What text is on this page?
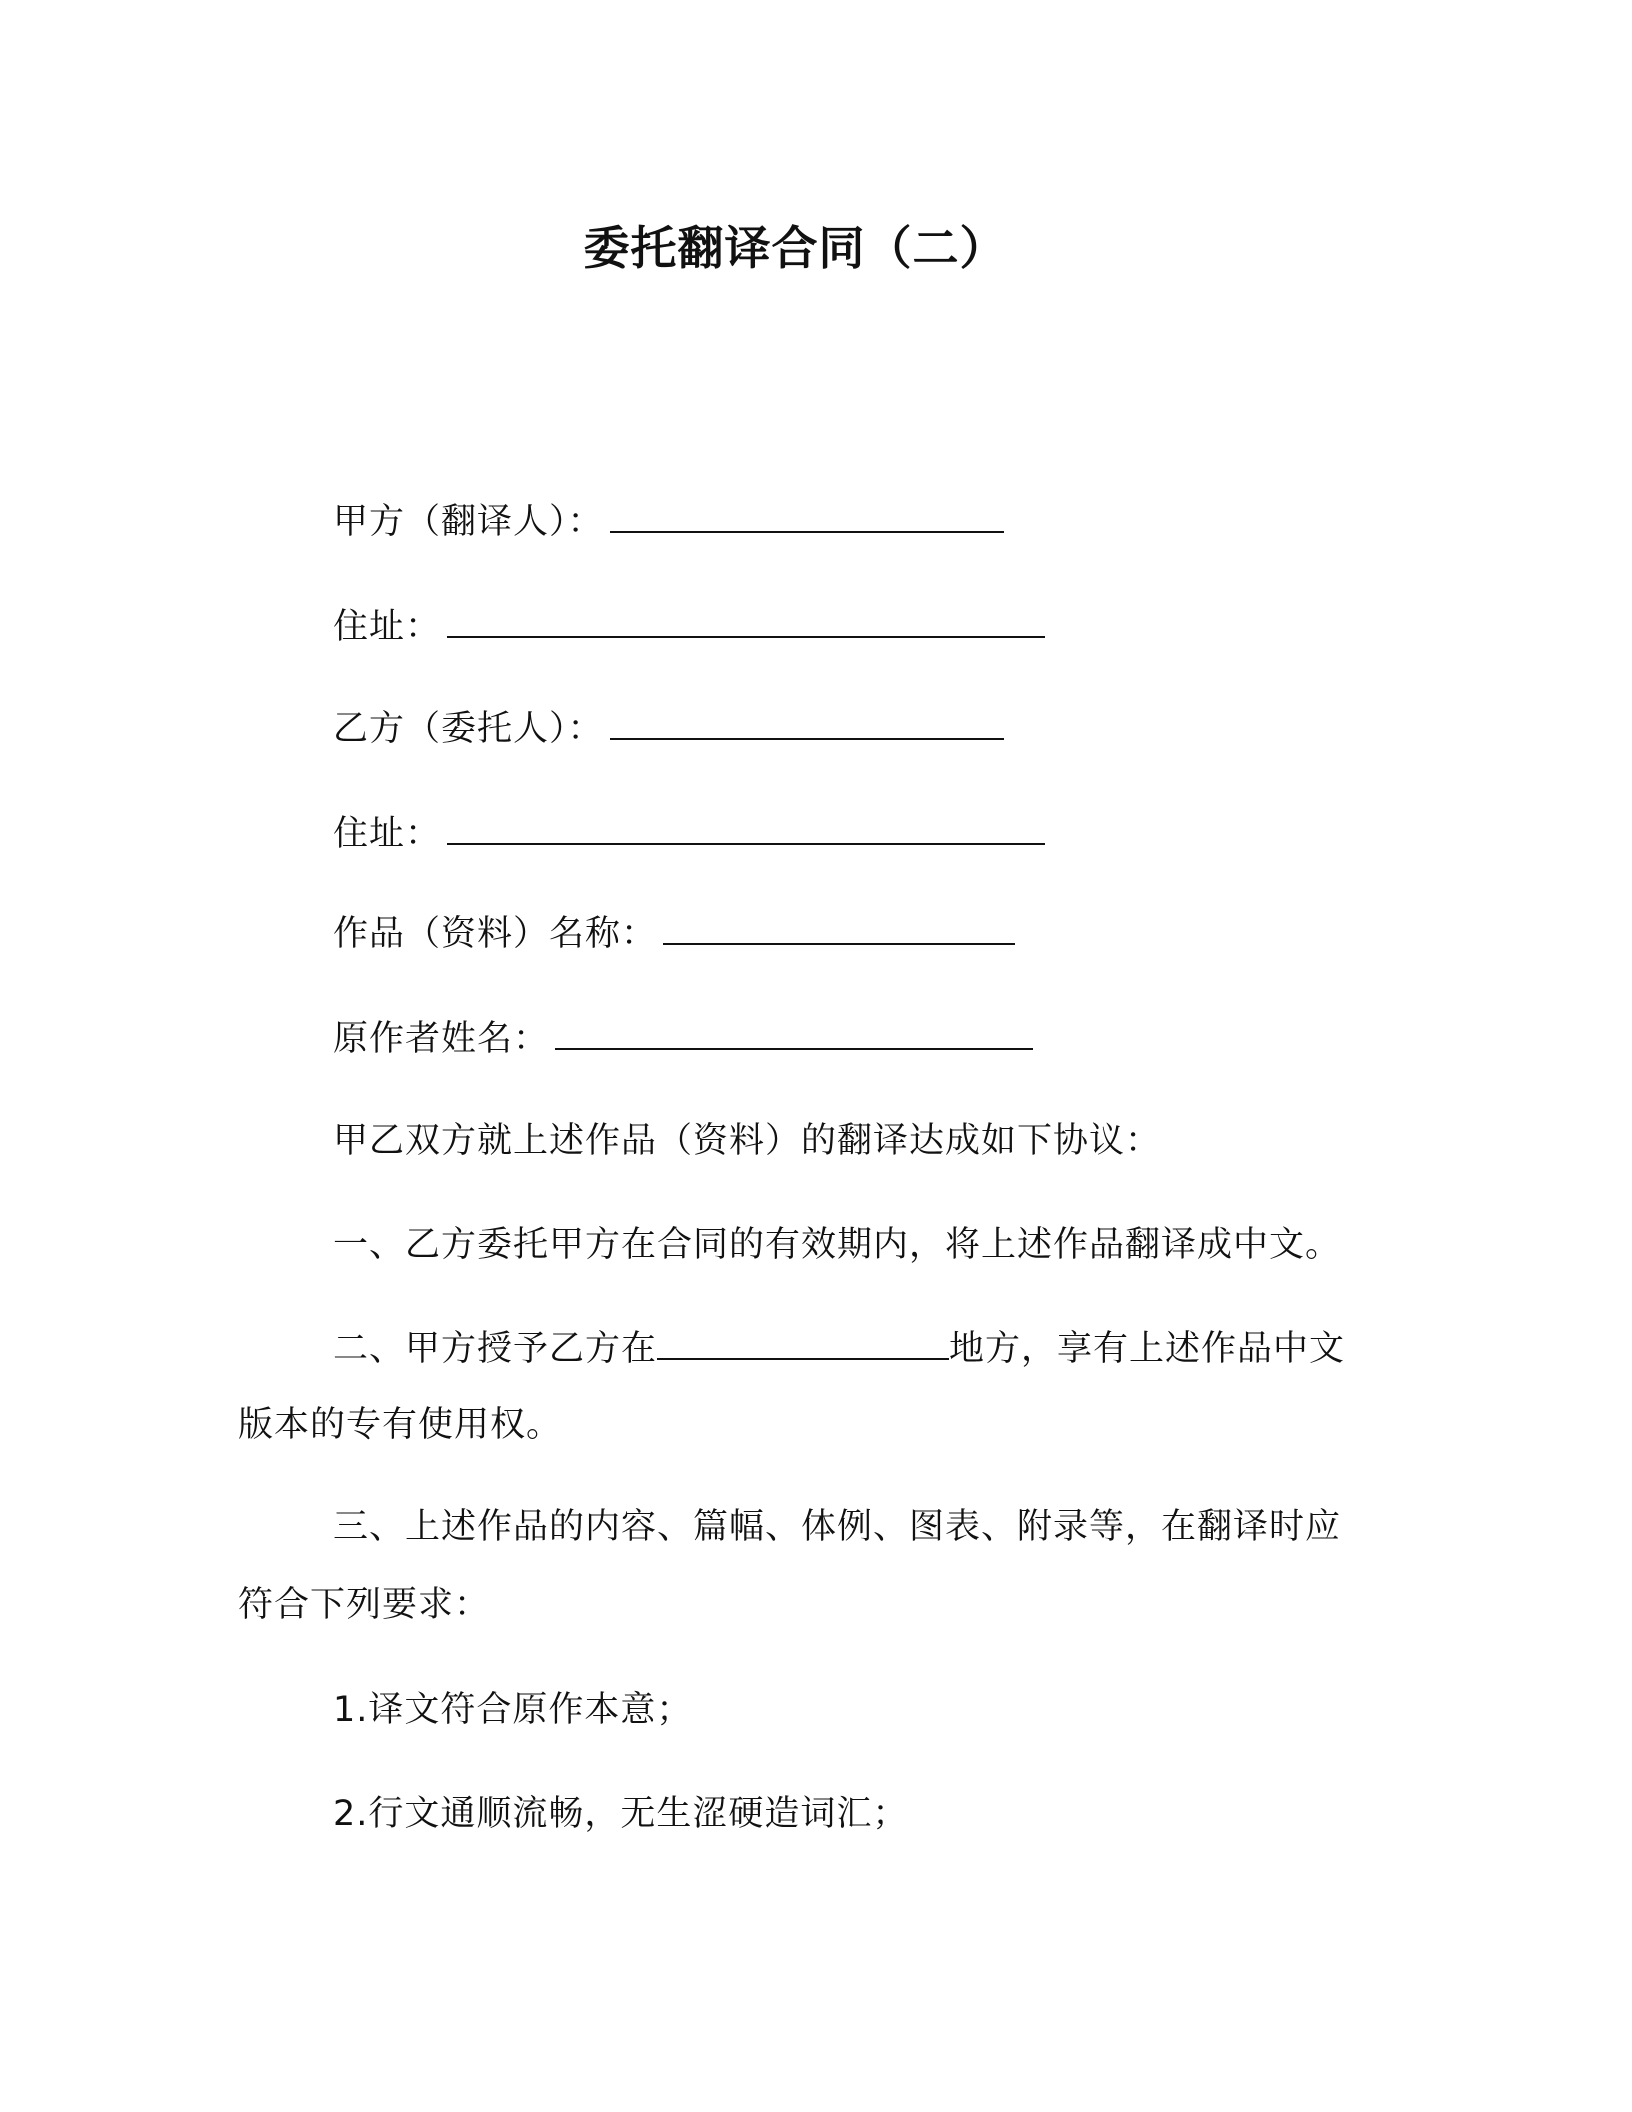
委托翻译合同（二）
甲方（翻译人）：
住址：
乙方（委托人）：
住址：
作品（资料）名称：
原作者姓名：
甲乙双方就上述作品（资料）的翻译达成如下协议：
一、乙方委托甲方在合同的有效期内，将上述作品翻译成中文。
二、甲方授予乙方在	地方，享有上述作品中文
版本的专有使用权。
三、上述作品的内容、篇幅、体例、图表、附录等，在翻译时应
符合下列要求：
1.译文符合原作本意；
2.行文通顺流畅，无生涩硬造词汇；
